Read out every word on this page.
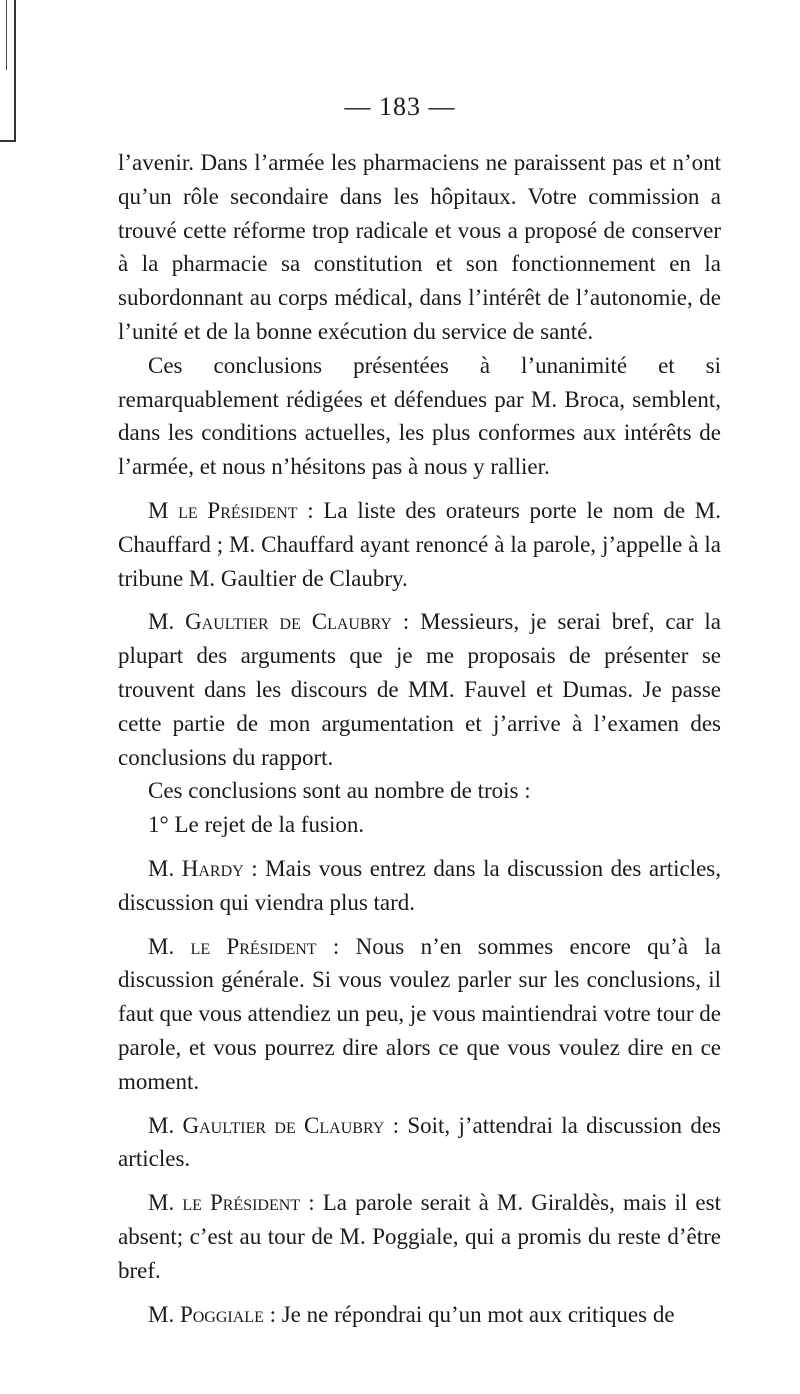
— 183 —

l’avenir. Dans l’armée les pharmaciens ne paraissent pas et n’ont qu’un rôle secondaire dans les hôpitaux. Votre commission a trouvé cette réforme trop radicale et vous a proposé de conserver à la pharmacie sa constitution et son fonctionnement en la subordonnant au corps médical, dans l’intérêt de l’autonomie, de l’unité et de la bonne exécution du service de santé.

Ces conclusions présentées à l’unanimité et si remarquablement rédigées et défendues par M. Broca, semblent, dans les conditions actuelles, les plus conformes aux intérêts de l’armée, et nous n’hésitons pas à nous y rallier.

M le Président : La liste des orateurs porte le nom de M. Chauffard ; M. Chauffard ayant renoncé à la parole, j’appelle à la tribune M. Gaultier de Claubry.

M. Gaultier de Claubry : Messieurs, je serai bref, car la plupart des arguments que je me proposais de présenter se trouvent dans les discours de MM. Fauvel et Dumas. Je passe cette partie de mon argumentation et j’arrive à l’examen des conclusions du rapport.

Ces conclusions sont au nombre de trois :

1° Le rejet de la fusion.

M. Hardy : Mais vous entrez dans la discussion des articles, discussion qui viendra plus tard.

M. le Président : Nous n’en sommes encore qu’à la discussion générale. Si vous voulez parler sur les conclusions, il faut que vous attendiez un peu, je vous maintiendrai votre tour de parole, et vous pourrez dire alors ce que vous voulez dire en ce moment.

M. Gaultier de Claubry : Soit, j’attendrai la discussion des articles.

M. le Président : La parole serait à M. Giraldès, mais il est absent; c’est au tour de M. Poggiale, qui a promis du reste d’être bref.

M. Poggiale : Je ne répondrai qu’un mot aux critiques de
